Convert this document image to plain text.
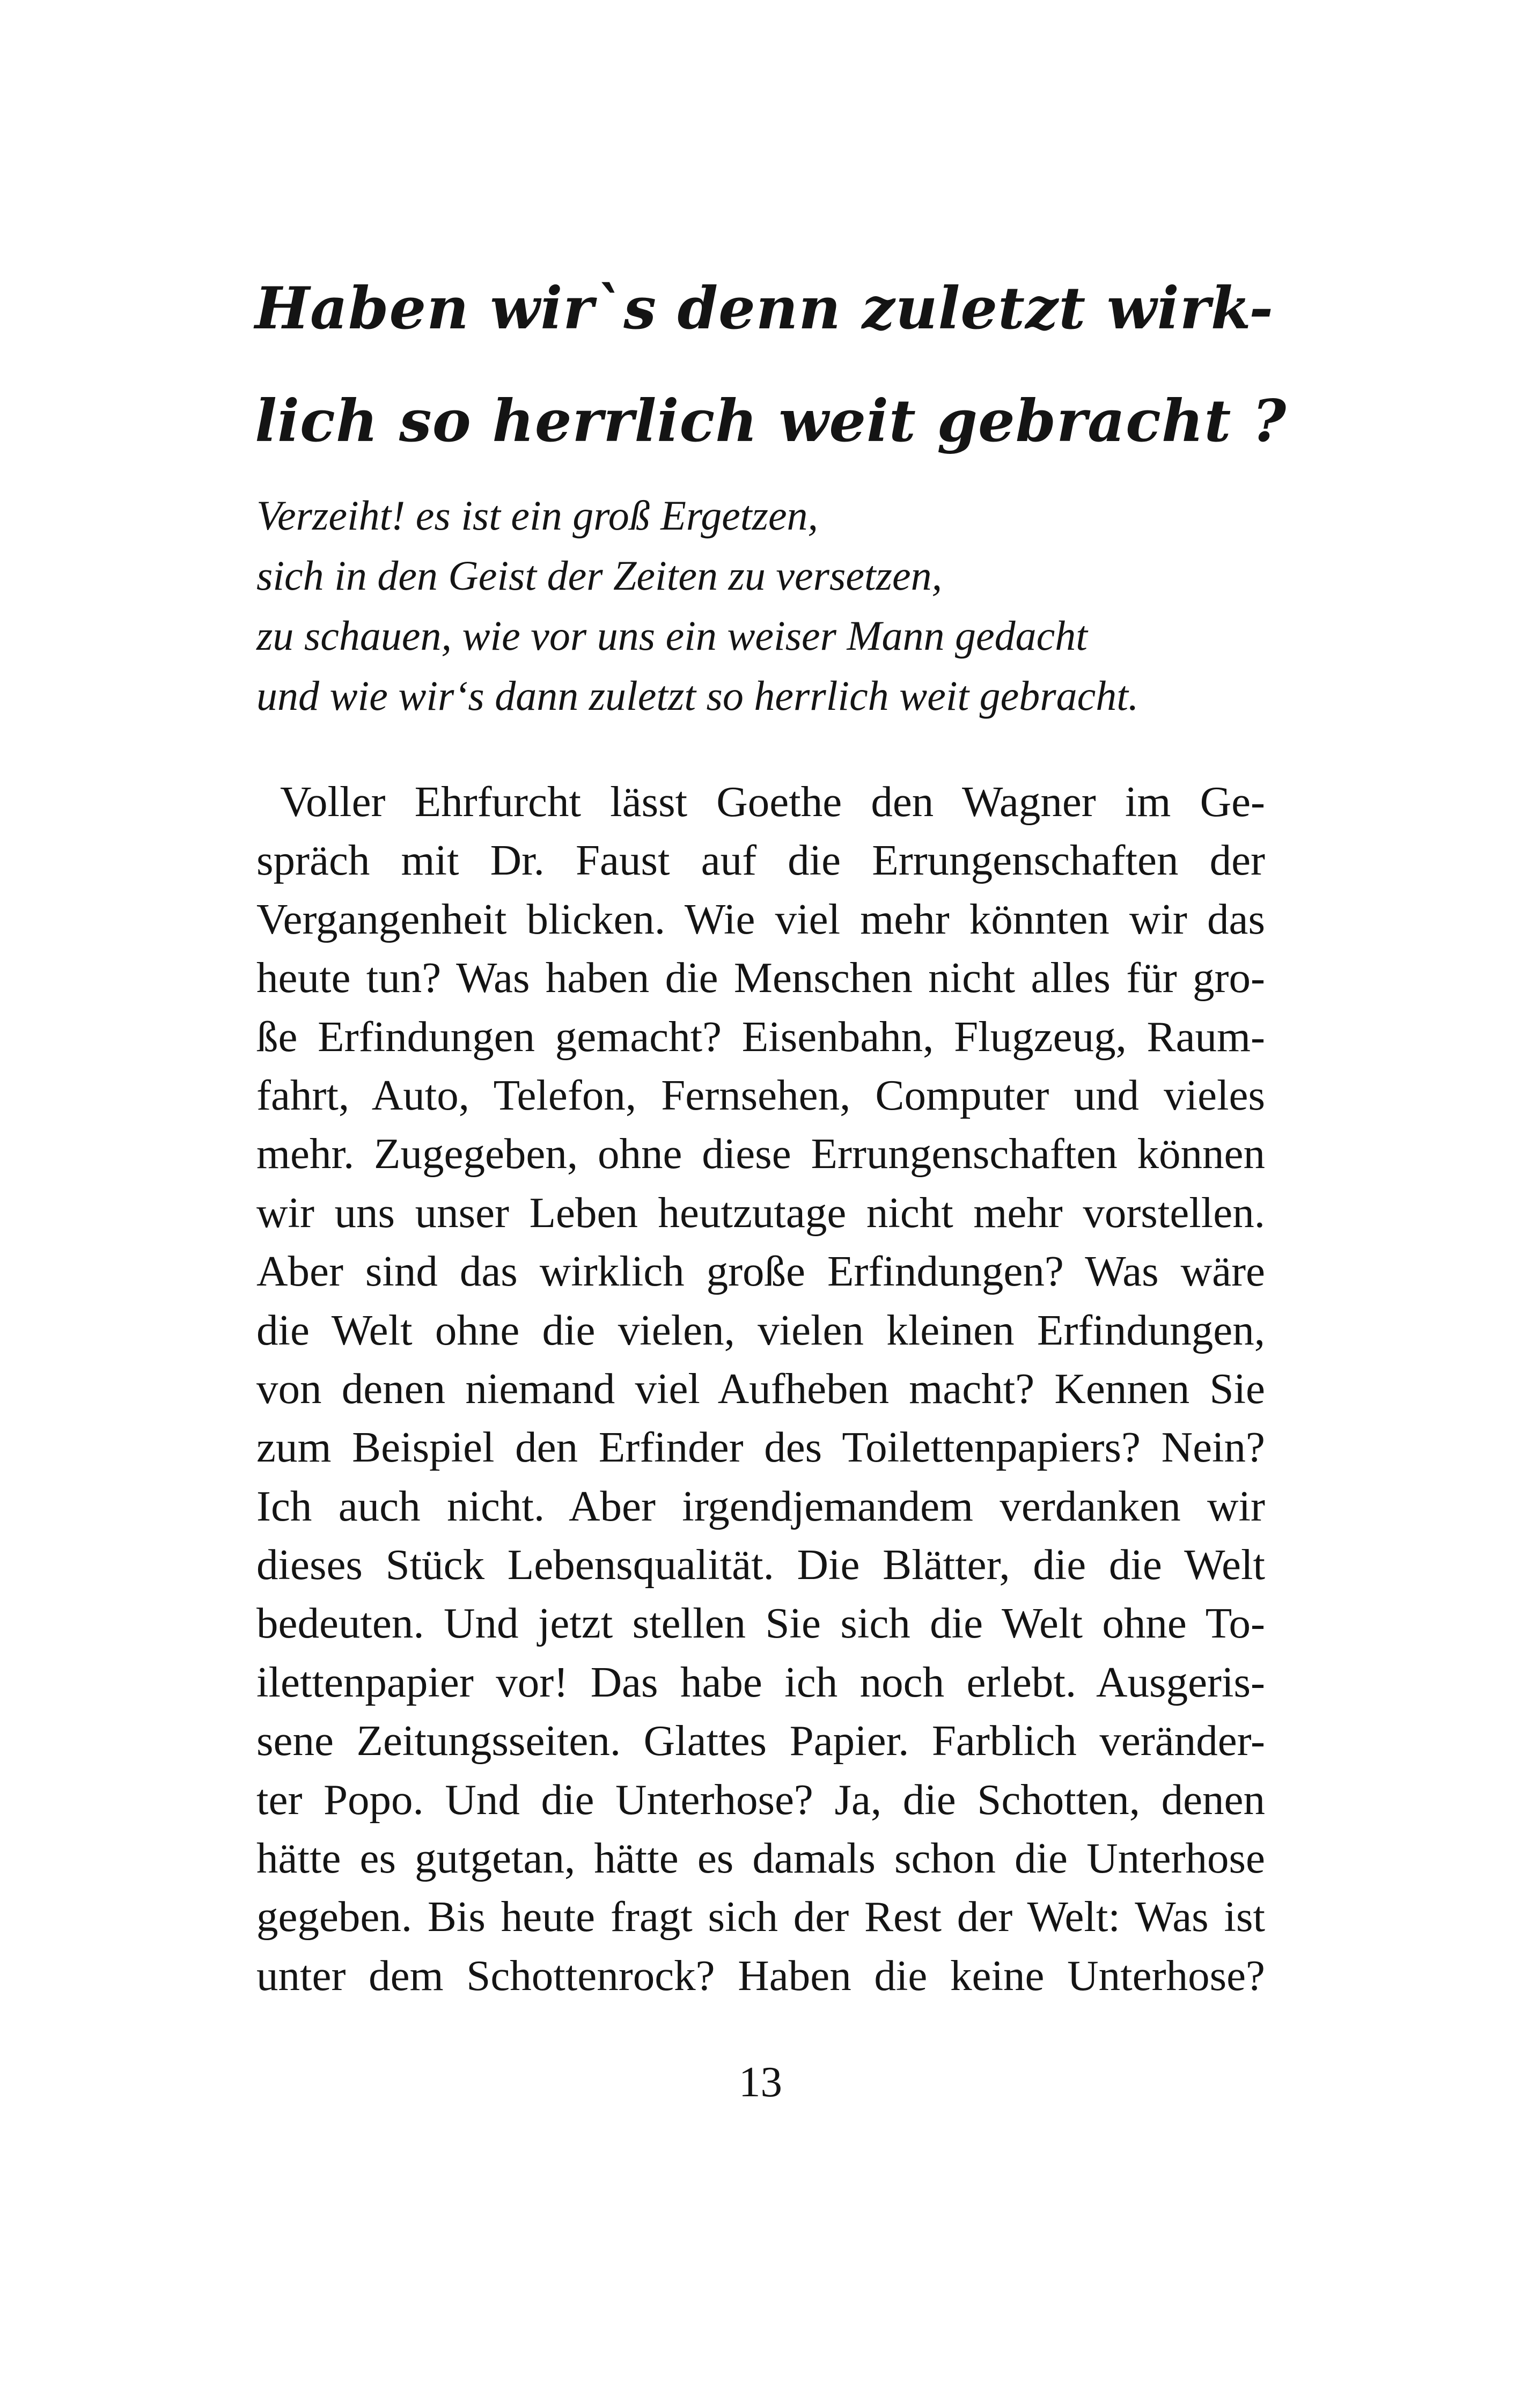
Haben wir`s denn zuletzt wirk-
lich so herrlich weit gebracht ?
Verzeiht! es ist ein groß Ergetzen,
sich in den Geist der Zeiten zu versetzen,
zu schauen, wie vor uns ein weiser Mann gedacht
und wie wir‘s dann zuletzt so herrlich weit gebracht.
Voller Ehrfurcht lässt Goethe den Wagner im Ge-
spräch mit Dr. Faust auf die Errungenschaften der
Vergangenheit blicken. Wie viel mehr könnten wir das
heute tun? Was haben die Menschen nicht alles für gro-
ße Erfindungen gemacht? Eisenbahn, Flugzeug, Raum-
fahrt, Auto, Telefon, Fernsehen, Computer und vieles
mehr. Zugegeben, ohne diese Errungenschaften können
wir uns unser Leben heutzutage nicht mehr vorstellen.
Aber sind das wirklich große Erfindungen? Was wäre
die Welt ohne die vielen, vielen kleinen Erfindungen,
von denen niemand viel Aufheben macht? Kennen Sie
zum Beispiel den Erfinder des Toilettenpapiers? Nein?
Ich auch nicht. Aber irgendjemandem verdanken wir
dieses Stück Lebensqualität. Die Blätter, die die Welt
bedeuten. Und jetzt stellen Sie sich die Welt ohne To-
ilettenpapier vor! Das habe ich noch erlebt. Ausgeris-
sene Zeitungsseiten. Glattes Papier. Farblich veränder-
ter Popo. Und die Unterhose? Ja, die Schotten, denen
hätte es gutgetan, hätte es damals schon die Unterhose
gegeben. Bis heute fragt sich der Rest der Welt: Was ist
unter dem Schottenrock? Haben die keine Unterhose?
13
